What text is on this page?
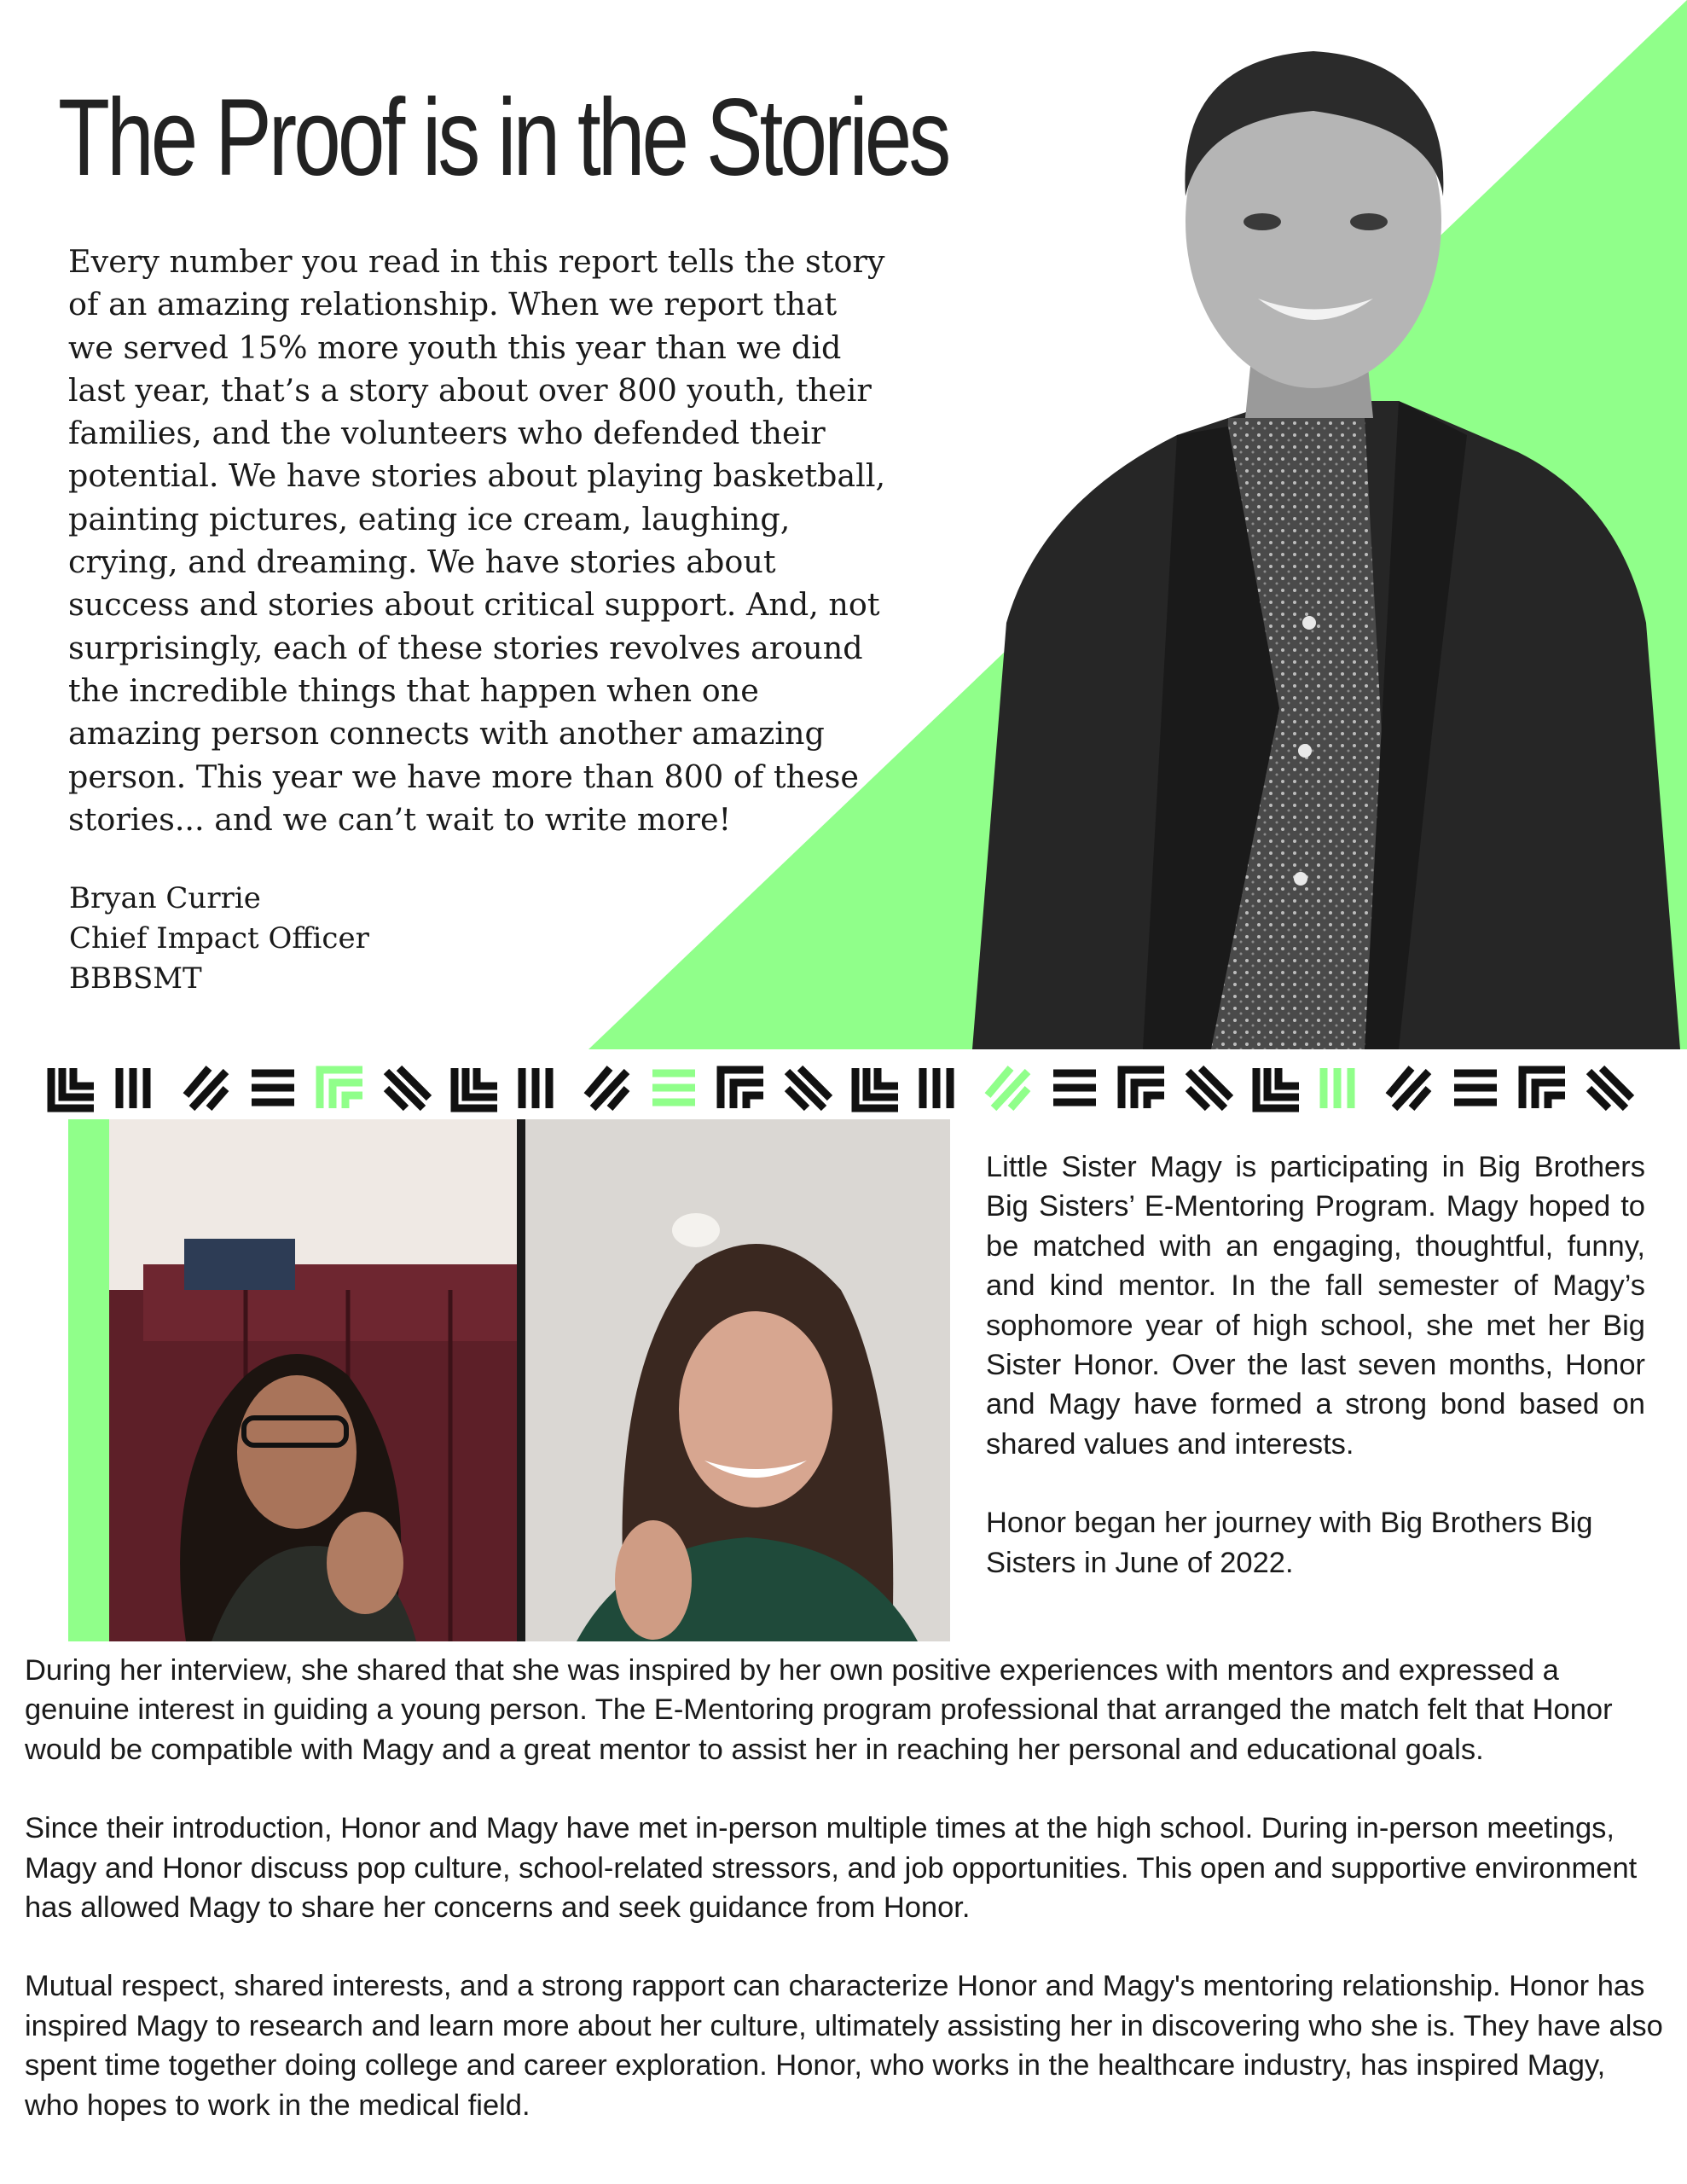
The Proof is in the Stories

Every number you read in this report tells the story of an amazing relationship. When we report that we served 15% more youth this year than we did last year, that’s a story about over 800 youth, their families, and the volunteers who defended their potential. We have stories about playing basketball, painting pictures, eating ice cream, laughing, crying, and dreaming. We have stories about success and stories about critical support. And, not surprisingly, each of these stories revolves around the incredible things that happen when one amazing person connects with another amazing person. This year we have more than 800 of these stories... and we can’t wait to write more!

Bryan Currie
Chief Impact Officer
BBBSMT

Little Sister Magy is participating in Big Brothers Big Sisters’ E-Mentoring Program. Magy hoped to be matched with an engaging, thoughtful, funny, and kind mentor. In the fall semester of Magy’s sophomore year of high school, she met her Big Sister Honor. Over the last seven months, Honor and Magy have formed a strong bond based on shared values and interests.

Honor began her journey with Big Brothers Big Sisters in June of 2022.

During her interview, she shared that she was inspired by her own positive experiences with mentors and expressed a genuine interest in guiding a young person. The E-Mentoring program professional that arranged the match felt that Honor would be compatible with Magy and a great mentor to assist her in reaching her personal and educational goals.

Since their introduction, Honor and Magy have met in-person multiple times at the high school. During in-person meetings, Magy and Honor discuss pop culture, school-related stressors, and job opportunities. This open and supportive environment has allowed Magy to share her concerns and seek guidance from Honor.

Mutual respect, shared interests, and a strong rapport can characterize Honor and Magy's mentoring relationship. Honor has inspired Magy to research and learn more about her culture, ultimately assisting her in discovering who she is. They have also spent time together doing college and career exploration. Honor, who works in the healthcare industry, has inspired Magy, who hopes to work in the medical field.
